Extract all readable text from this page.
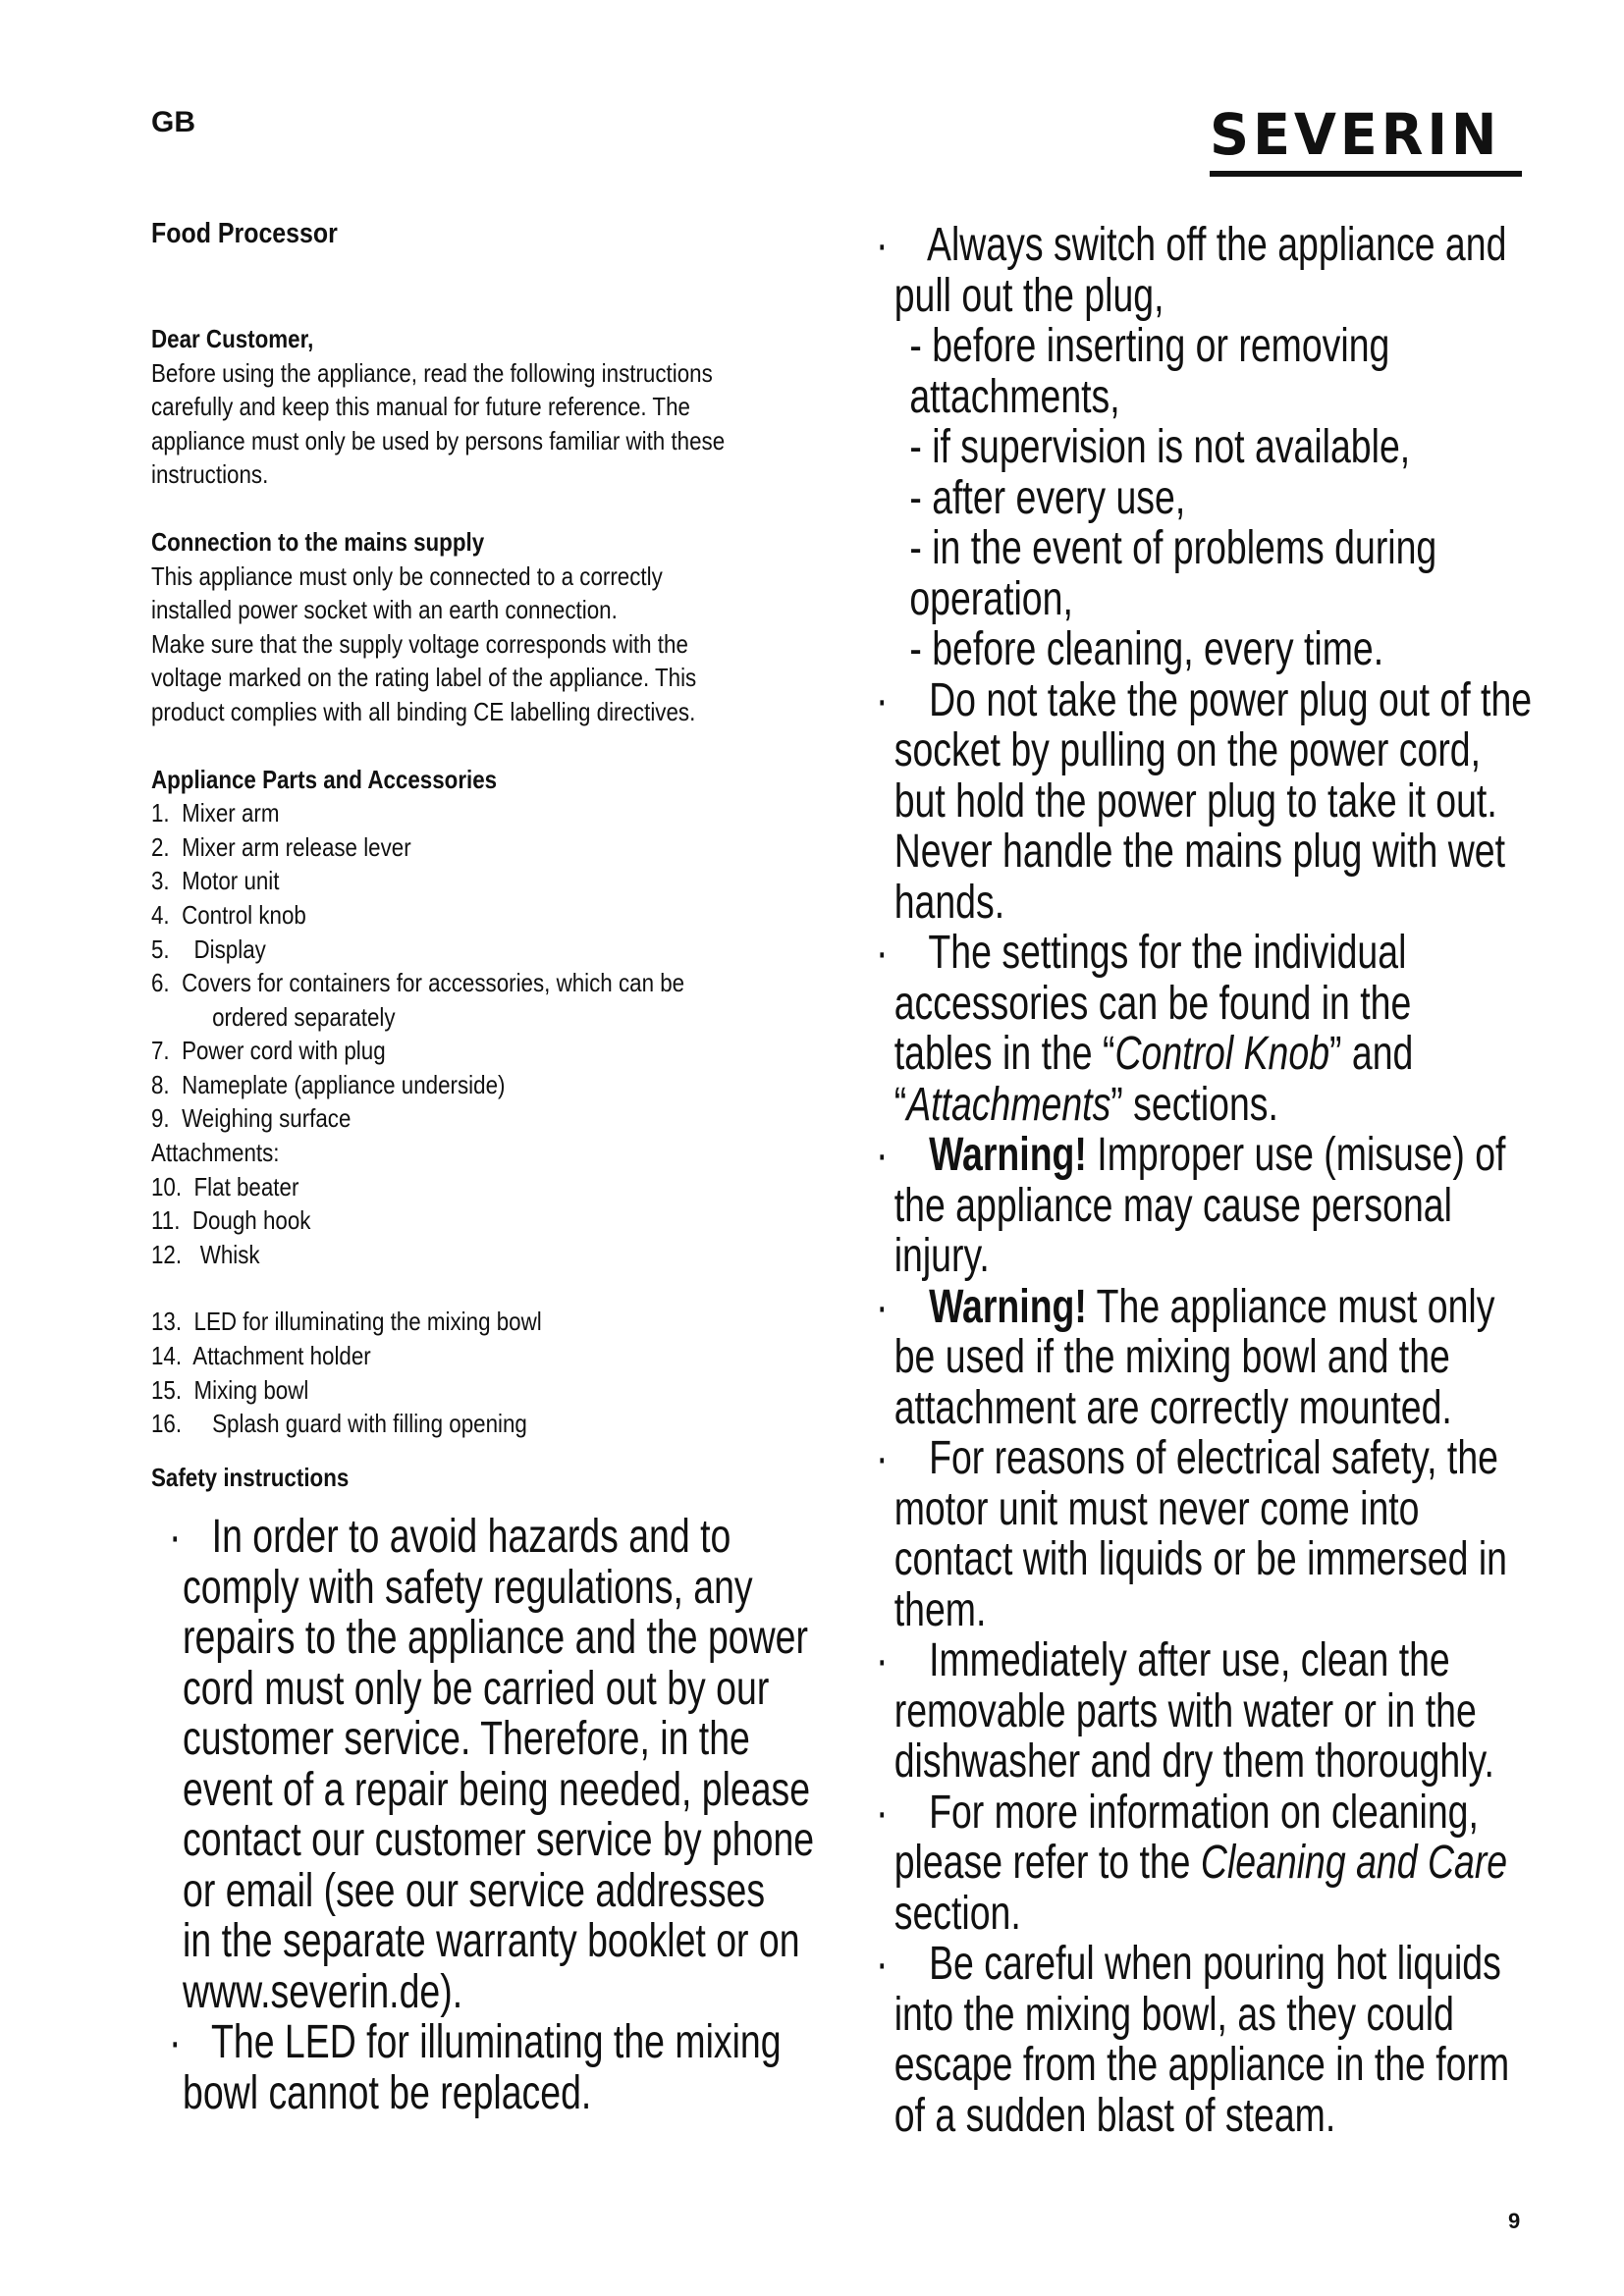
GB	SEVERIN
Food Processor
Dear Customer,
Before using the appliance, read the following instructions
carefully and keep this manual for future reference. The
appliance must only be used by persons familiar with these
instructions.
Connection to the mains supply
This appliance must only be connected to a correctly
installed power socket with an earth connection.
Make sure that the supply voltage corresponds with the
voltage marked on the rating label of the appliance. This
product complies with all binding CE labelling directives.
Appliance Parts and Accessories
1.  Mixer arm
2.  Mixer arm release lever
3.  Motor unit
4.  Control knob
5.    Display
6.  Covers for containers for accessories, which can be
ordered separately
7.  Power cord with plug
8.  Nameplate (appliance underside)
9.  Weighing surface
Attachments:
10.  Flat beater
11.  Dough hook
12.   Whisk
13.  LED for illuminating the mixing bowl
14.  Attachment holder
15.  Mixing bowl
16.     Splash guard with filling opening
Safety instructions
·   In order to avoid hazards and to
comply with safety regulations, any
repairs to the appliance and the power
cord must only be carried out by our
customer service. Therefore, in the
event of a repair being needed, please
contact our customer service by phone
or email (see our service addresses
in the separate warranty booklet or on
www.severin.de).
·   The LED for illuminating the mixing
bowl cannot be replaced.
·    Always switch off the appliance and
pull out the plug,
- before inserting or removing
attachments,
- if supervision is not available,
- after every use,
- in the event of problems during
operation,
- before cleaning, every time.
·    Do not take the power plug out of the
socket by pulling on the power cord,
but hold the power plug to take it out.
Never handle the mains plug with wet
hands.
·    The settings for the individual
accessories can be found in the
tables in the “Control Knob” and
“Attachments” sections.
·    Warning! Improper use (misuse) of
the appliance may cause personal
injury.
·    Warning! The appliance must only
be used if the mixing bowl and the
attachment are correctly mounted.
·    For reasons of electrical safety, the
motor unit must never come into
contact with liquids or be immersed in
them.
·    Immediately after use, clean the
removable parts with water or in the
dishwasher and dry them thoroughly.
·    For more information on cleaning,
please refer to the Cleaning and Care
section.
·    Be careful when pouring hot liquids
into the mixing bowl, as they could
escape from the appliance in the form
of a sudden blast of steam.
9
